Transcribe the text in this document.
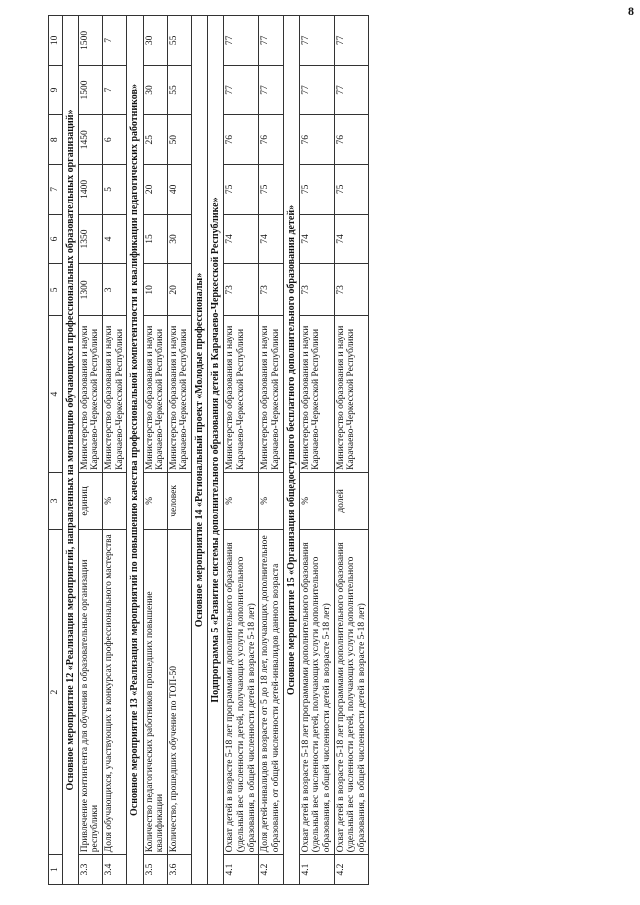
8
1	2	3	4	5	6	7	8	9	10
Основное мероприятие 12 «Реализация мероприятий, направленных на мотивацию обучающихся профессиональных образовательных организаций»									
3.3	Привлечение контингента для обучения в образовательные организации республики	единиц	Министерство образования и науки Карачаево-Черкесской Республики	1300	1350	1400	1450	1500	1500
3.4	Доля обучающихся, участвующих в конкурсах профессионального мастерства	%	Министерство образования и науки Карачаево-Черкесской Республики	3	4	5	6	7	7
Основное мероприятие 13 «Реализация мероприятий по повышению качества профессиональной компетентности и квалификации педагогических работников»									
3.5	Количество педагогических работников прошедших повышение квалификации	%	Министерство образования и науки Карачаево-Черкесской Республики	10	15	20	25	30	30
3.6	Количество, прошедших обучение по ТОП-50	человек	Министерство образования и науки Карачаево-Черкесской Республики	20	30	40	50	55	55
Основное мероприятие 14 «Региональный проект «Молодые профессионалы»									
Подпрограмма 5 «Развитие системы дополнительного образования детей в Карачаево-Черкесской Республике»									
4.1	Охват детей в возрасте 5-18 лет программами дополнительного образования (удельный вес численности детей, получающих услуги дополнительного образования, в общей численности детей в возрасте 5-18 лет)	%	Министерство образования и науки Карачаево-Черкесской Республики	73	74	75	76	77	77
4.2	Доля детей-инвалидов в возрасте от 5 до 18 лет, получающих дополнительное образование, от общей численности детей-инвалидов данного возраста	%	Министерство образования и науки Карачаево-Черкесской Республики	73	74	75	76	77	77
Основное мероприятие 15 «Организация общедоступного бесплатного дополнительного образования детей»									
4.1	Охват детей в возрасте 5-18 лет программами дополнительного образования (удельный вес численности детей, получающих услуги дополнительного образования, в общей численности детей в возрасте 5-18 лет)	%	Министерство образования и науки Карачаево-Черкесской Республики	73	74	75	76	77	77
4.2	Охват детей в возрасте 5-18 лет программами дополнительного образования (удельный вес численности детей, получающих услуги дополнительного образования, в общей численности детей в возрасте 5-18 лет)	долей	Министерство образования и науки Карачаево-Черкесской Республики	73	74	75	76	77	77
